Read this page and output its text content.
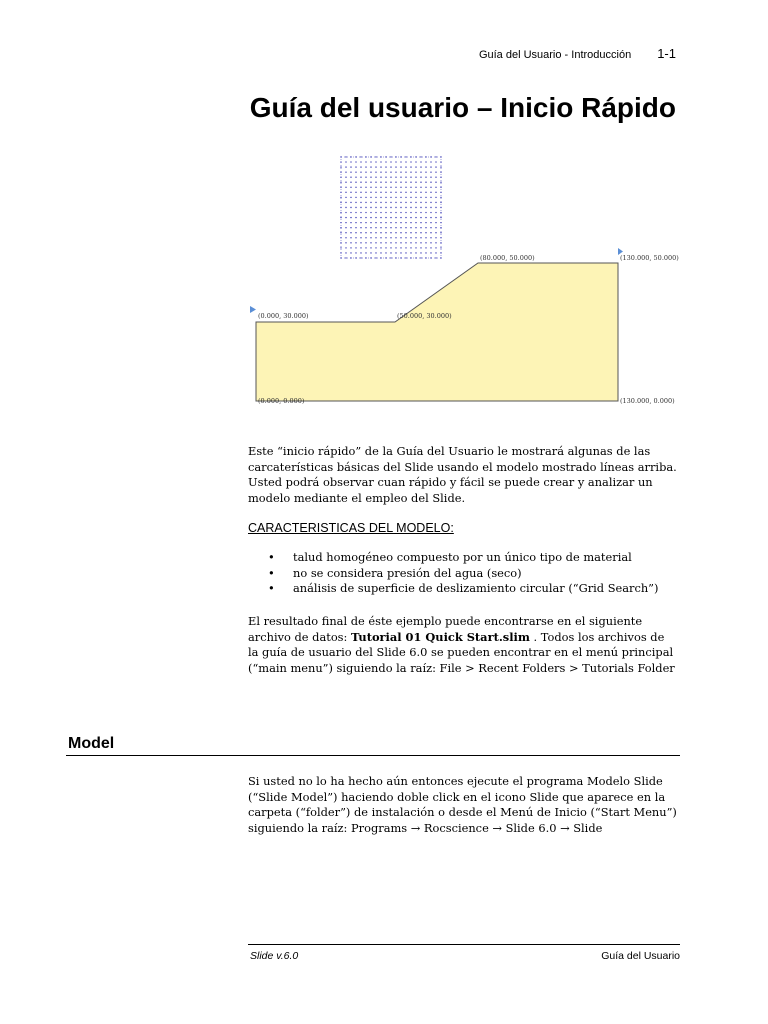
Guía del Usuario - Introducción 1-1
Guía del usuario – Inicio Rápido
(0.000, 30.000)	(50.000, 30.000)
(80.000, 50.000)	(130.000, 50.000)
(0.000, 0.000)	(130.000, 0.000)

Este “inicio rápido” de la Guía del Usuario le mostrará algunas de las

carcaterísticas básicas del Slide usando el modelo mostrado líneas arriba.

Usted podrá observar cuan rápido y fácil se puede crear y analizar un

modelo mediante el empleo del Slide.

CARACTERISTICAS DEL MODELO:
• talud homogéneo compuesto por un único tipo de material
• no se considera presión del agua (seco)
• análisis de superficie de deslizamiento circular (“Grid Search”)

El resultado final de éste ejemplo puede encontrarse en el siguiente

archivo de datos: Tutorial 01 Quick Start.slim . Todos los archivos de

la guía de usuario del Slide 6.0 se pueden encontrar en el menú principal

(“main menu”) siguiendo la raíz: File > Recent Folders > Tutorials Folder

Model

Si usted no lo ha hecho aún entonces ejecute el programa Modelo Slide

(“Slide Model”) haciendo doble click en el icono Slide que aparece en la

carpeta (“folder”) de instalación o desde el Menú de Inicio (“Start Menu”)

siguiendo la raíz: Programs → Rocscience → Slide 6.0 → Slide

Slide v.6.0	Guía del Usuario
